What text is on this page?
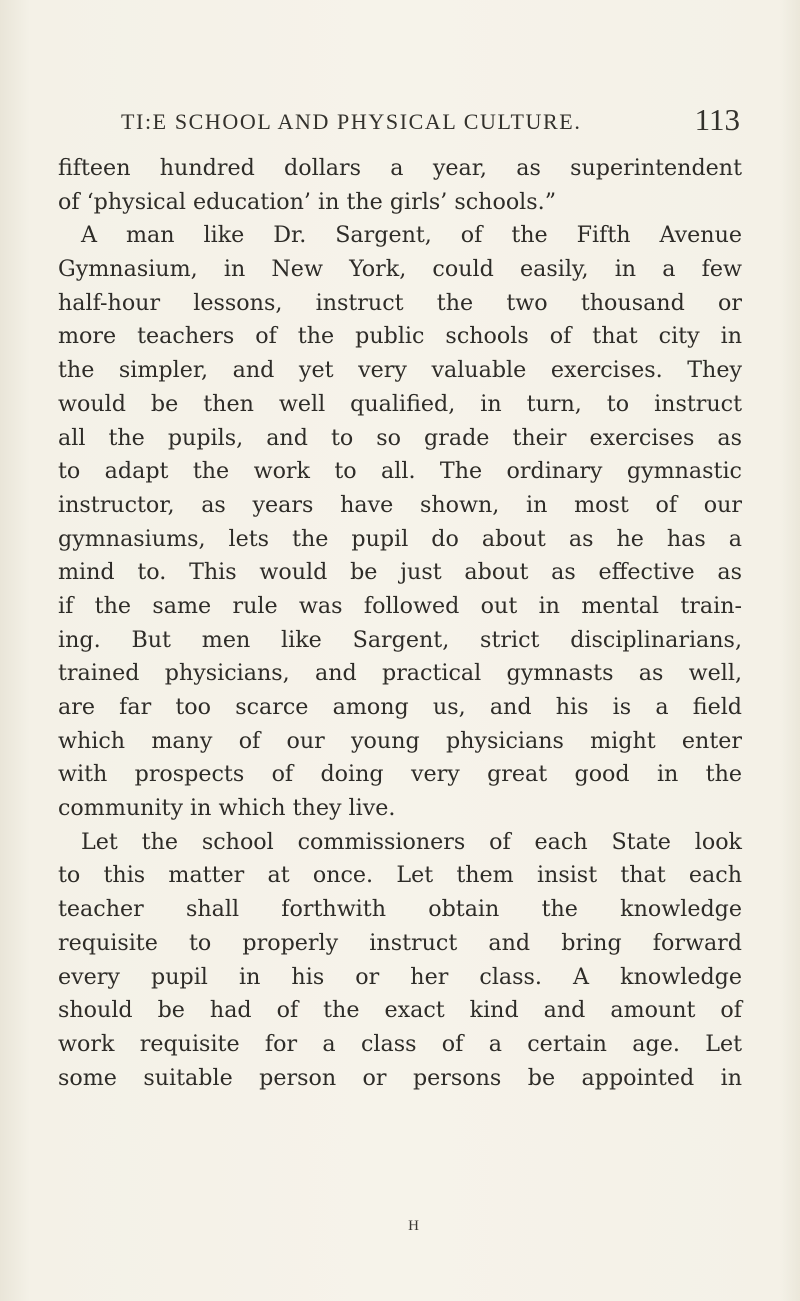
TI:E SCHOOL AND PHYSICAL CULTURE.	113
fifteen hundred dollars a year, as superintendent
of ‘physical education’ in the girls’ schools.”
A man like Dr. Sargent, of the Fifth Avenue
Gymnasium, in New York, could easily, in a few
half-hour lessons, instruct the two thousand or
more teachers of the public schools of that city in
the simpler, and yet very valuable exercises. They
would be then well qualified, in turn, to instruct
all the pupils, and to so grade their exercises as
to adapt the work to all. The ordinary gymnastic
instructor, as years have shown, in most of our
gymnasiums, lets the pupil do about as he has a
mind to. This would be just about as effective as
if the same rule was followed out in mental train-
ing. But men like Sargent, strict disciplinarians,
trained physicians, and practical gymnasts as well,
are far too scarce among us, and his is a field
which many of our young physicians might enter
with prospects of doing very great good in the
community in which they live.
Let the school commissioners of each State look
to this matter at once. Let them insist that each
teacher shall forthwith obtain the knowledge
requisite to properly instruct and bring forward
every pupil in his or her class. A knowledge
should be had of the exact kind and amount of
work requisite for a class of a certain age. Let
some suitable person or persons be appointed in
H
